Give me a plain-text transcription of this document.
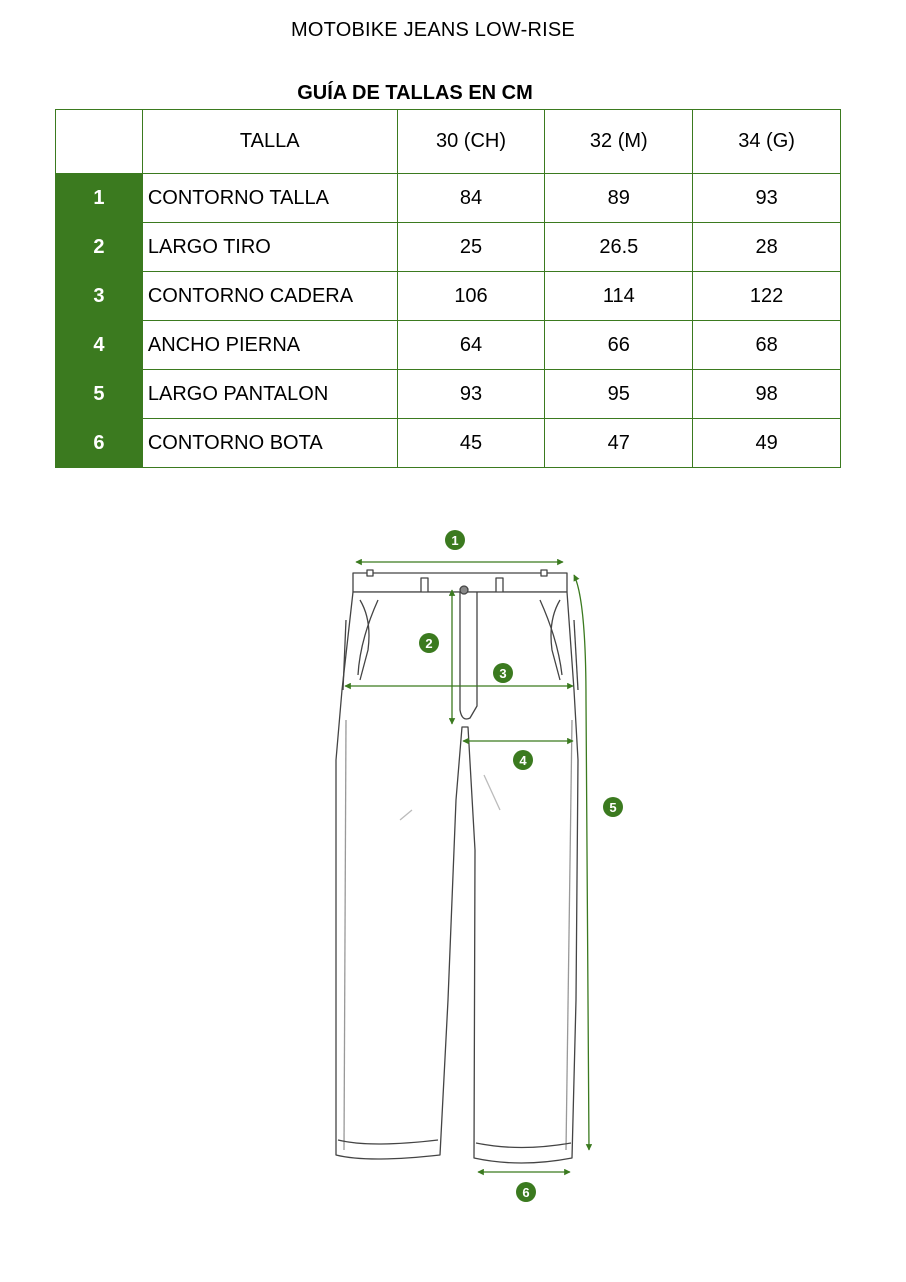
MOTOBIKE JEANS LOW-RISE
GUÍA DE TALLAS EN CM
	TALLA	30 (CH)	32 (M)	34 (G)
1	CONTORNO TALLA	84	89	93
2	LARGO TIRO	25	26.5	28
3	CONTORNO CADERA	106	114	122
4	ANCHO PIERNA	64	66	68
5	LARGO PANTALON	93	95	98
6	CONTORNO BOTA	45	47	49
1
2
3
4
5
6
